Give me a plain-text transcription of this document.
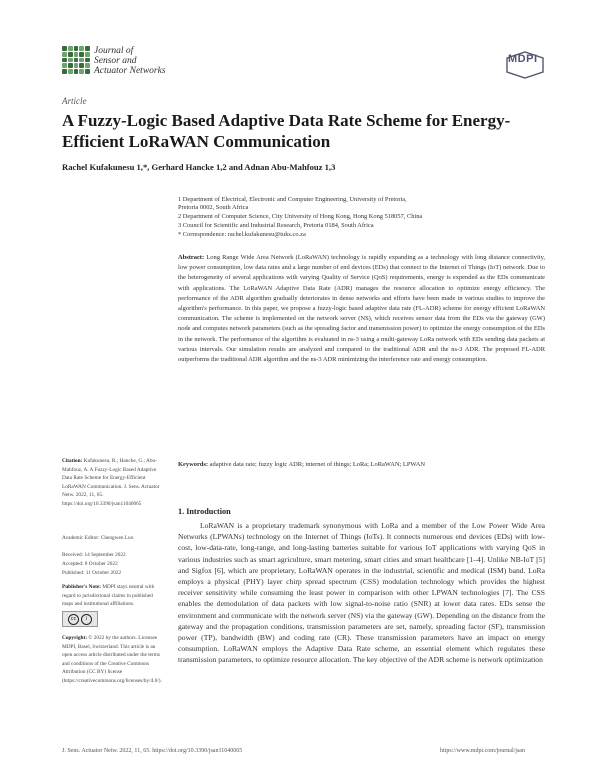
Journal of
Sensor and
Actuator Networks
MDPI
Article
A Fuzzy-Logic Based Adaptive Data Rate Scheme for Energy-Efficient LoRaWAN Communication
Rachel Kufakunesu 1,*, Gerhard Hancke 1,2 and Adnan Abu-Mahfouz 1,3
1 Department of Electrical, Electronic and Computer Engineering, University of Pretoria,
Pretoria 0002, South Africa
2 Department of Computer Science, City University of Hong Kong, Hong Kong 518057, China
3 Council for Scientific and Industrial Research, Pretoria 0184, South Africa
* Correspondence: rachel.kufakunesu@tuks.co.za
Abstract: Long Range Wide Area Network (LoRaWAN) technology is rapidly expanding as a technology with long distance connectivity, low power consumption, low data rates and a large number of end devices (EDs) that connect to the Internet of Things (IoT) network. Due to the heterogeneity of several applications with varying Quality of Service (QoS) requirements, energy is expended as the EDs communicate with applications. The LoRaWAN Adaptive Data Rate (ADR) manages the resource allocation to optimize energy efficiency. The performance of the ADR algorithm gradually deteriorates in dense networks and efforts have been made in various studies to improve the algorithm's performance. In this paper, we propose a fuzzy-logic based adaptive data rate (FL-ADR) scheme for energy efficient LoRaWAN communication. The scheme is implemented on the network server (NS), which receives sensor data from the EDs via the gateway (GW) node and computes network parameters (such as the spreading factor and transmission power) to optimize the energy consumption of the EDs in the network. The performance of the algorithm is evaluated in ns-3 using a multi-gateway LoRa network with EDs sending data packets at various intervals. Our simulation results are analyzed and compared to the traditional ADR and the ns-3 ADR. The proposed FL-ADR outperforms the traditional ADR algorithm and the ns-3 ADR minimizing the interference rate and energy consumption.
Keywords: adaptive data rate; fuzzy logic ADR; internet of things; LoRa; LoRaWAN; LPWAN
Citation: Kufakunesu, R.; Hancke, G.; Abu-Mahfouz, A. A Fuzzy-Logic Based Adaptive Data Rate Scheme for Energy-Efficient LoRaWAN Communication. J. Sens. Actuator Netw. 2022, 11, 65. https://doi.org/10.3390/jsan11040065
Academic Editor: Chengwen Luo
Received: 14 September 2022
Accepted: 8 October 2022
Published: 11 October 2022
Publisher's Note: MDPI stays neutral with regard to jurisdictional claims in published maps and institutional affiliations.
cc	i
Copyright: © 2022 by the authors. Licensee MDPI, Basel, Switzerland. This article is an open access article distributed under the terms and conditions of the Creative Commons Attribution (CC BY) license (https://creativecommons.org/licenses/by/4.0/).
1. Introduction
LoRaWAN is a proprietary trademark synonymous with LoRa and a member of the Low Power Wide Area Networks (LPWANs) technology on the Internet of Things (IoTs). It connects numerous end devices (EDs) with low-cost, low-data-rate, long-range, and long-lasting batteries suitable for various IoT applications with varying QoS in various industries such as smart agriculture, smart metering, smart cities and smart healthcare [1–4]. Unlike NB-IoT [5] and Sigfox [6], which are proprietary, LoRaWAN operates in the industrial, scientific and medical (ISM) band. LoRa employs a physical (PHY) layer chirp spread spectrum (CSS) modulation technology which provides the highest receiver sensitivity while consuming the least power in comparison with other LPWAN technologies [7]. The CSS enables the demodulation of data packets with low signal-to-noise ratio (SNR) at lower data rates. EDs sense the environment and communicate with the network server (NS) via the gateway (GW). Depending on the distance from the gateway and the propagation conditions, transmission parameters are set, namely, spreading factor (SF), transmission power (TP), bandwidth (BW) and coding rate (CR). These transmission parameters have an impact on energy consumption. LoRaWAN employs the Adaptive Data Rate scheme, an essential element which regulates these transmission parameters, to optimize resource allocation. The key objective of the ADR scheme is network optimization
J. Sens. Actuator Netw. 2022, 11, 65. https://doi.org/10.3390/jsan11040065	https://www.mdpi.com/journal/jsan
